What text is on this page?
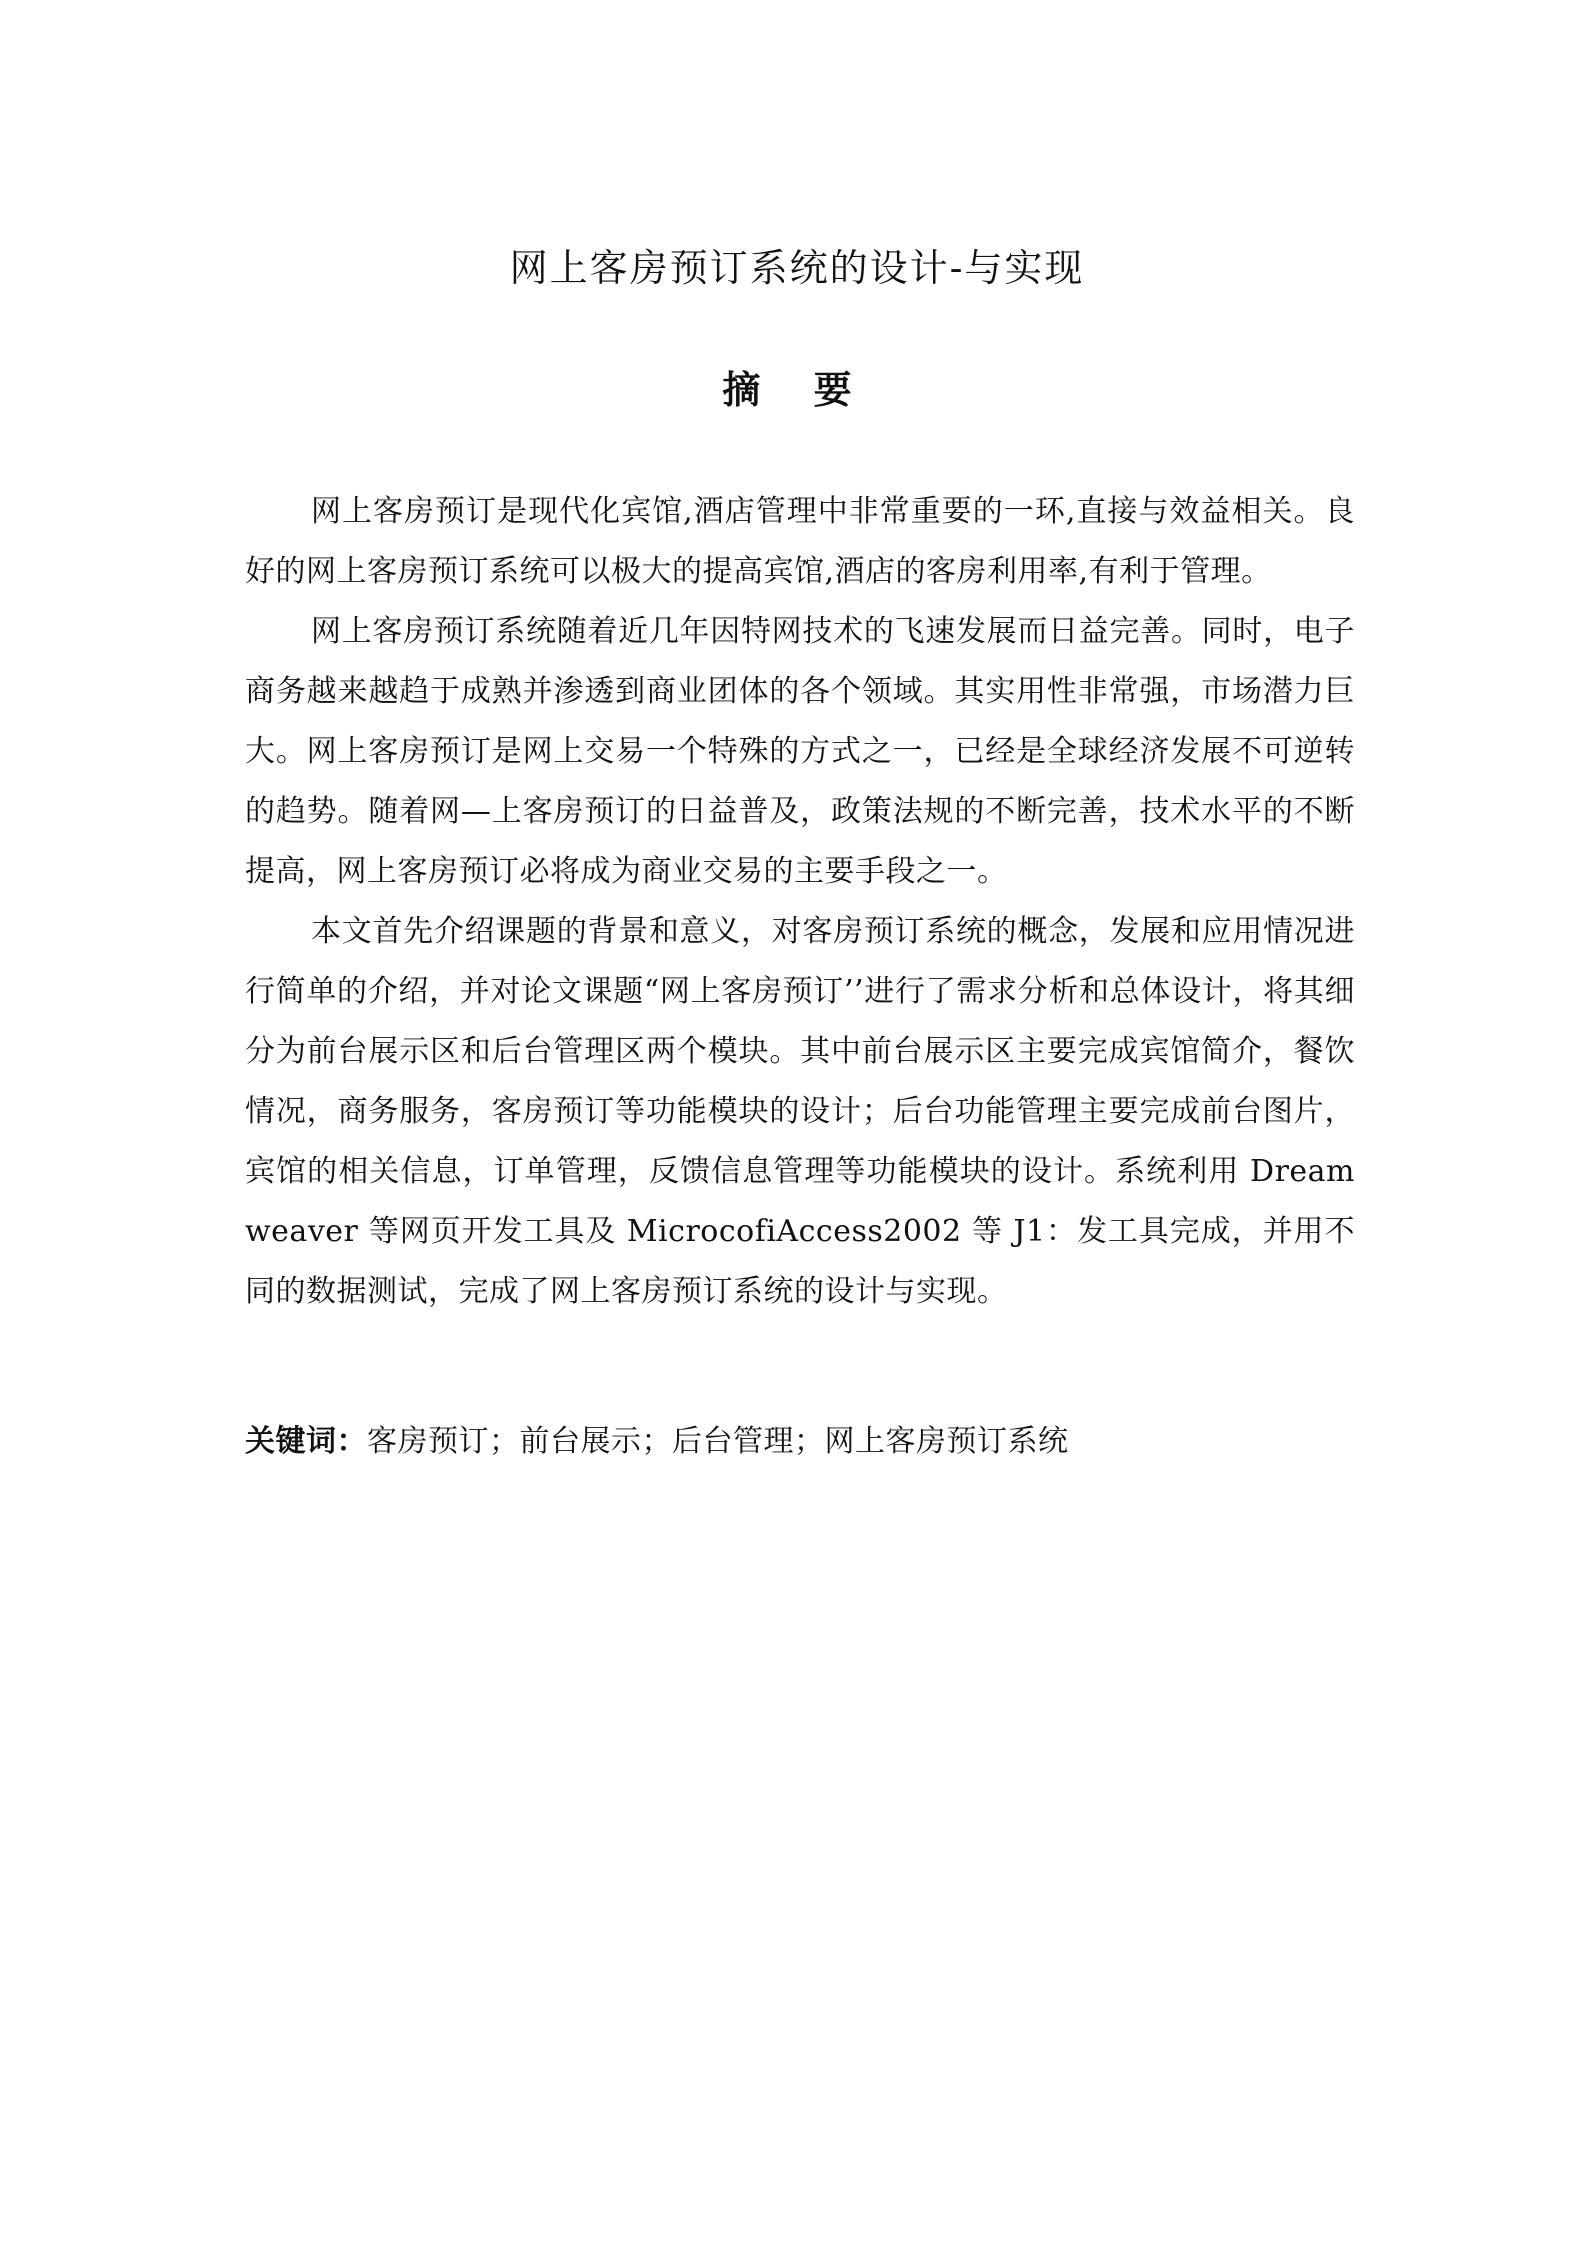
网上客房预订系统的设计-与实现
摘 要

网上客房预订是现代化宾馆,酒店管理中非常重要的一环,直接与效益相关。良好的网上客房预订系统可以极大的提高宾馆,酒店的客房利用率,有利于管理。

网上客房预订系统随着近几年因特网技术的飞速发展而日益完善。同时，电子商务越来越趋于成熟并渗透到商业团体的各个领域。其实用性非常强，市场潜力巨大。网上客房预订是网上交易一个特殊的方式之一，已经是全球经济发展不可逆转的趋势。随着网—上客房预订的日益普及，政策法规的不断完善，技术水平的不断提高，网上客房预订必将成为商业交易的主要手段之一。

本文首先介绍课题的背景和意义，对客房预订系统的概念，发展和应用情况进行简单的介绍，并对论文课题“网上客房预订’’进行了需求分析和总体设计，将其细分为前台展示区和后台管理区两个模块。其中前台展示区主要完成宾馆简介，餐饮情况，商务服务，客房预订等功能模块的设计；后台功能管理主要完成前台图片，宾馆的相关信息，订单管理，反馈信息管理等功能模块的设计。系统利用 Dreamweaver 等网页开发工具及 MicrocofiAccess2002 等 J1：发工具完成，并用不同的数据测试，完成了网上客房预订系统的设计与实现。

关键词：客房预订；前台展示；后台管理；网上客房预订系统
